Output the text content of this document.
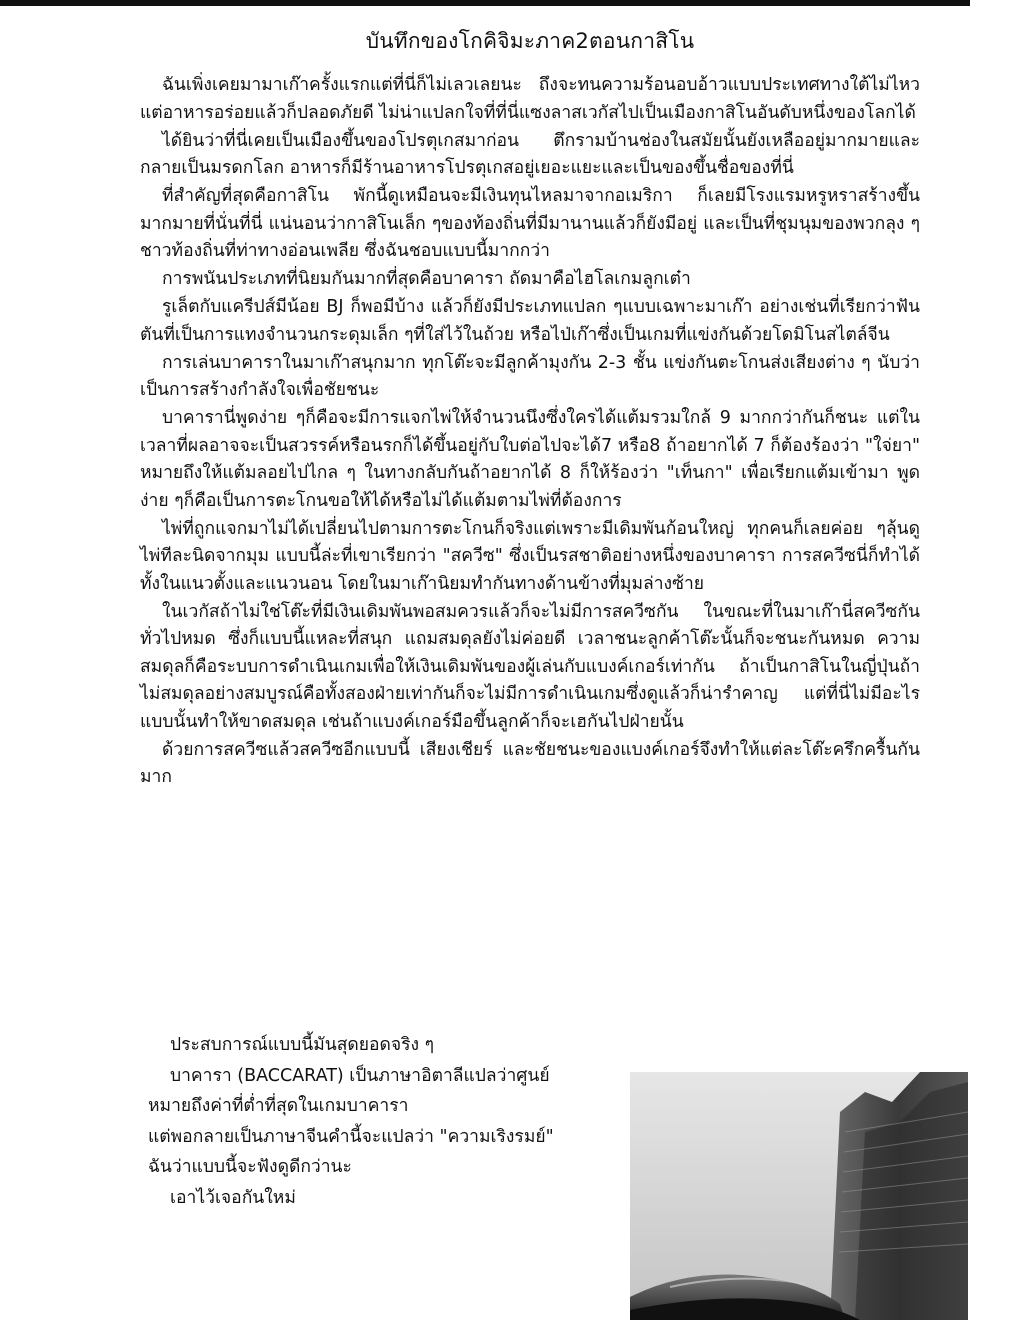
บันทึกของโกคิจิมะภาค2ตอนกาสิโน

ฉันเพิ่งเคยมามาเก๊าครั้งแรกแต่ที่นี่ก็ไม่เลวเลยนะ ถึงจะทนความร้อนอบอ้าวแบบประเทศทางใต้ไม่ไหวแต่อาหารอร่อยแล้วก็ปลอดภัยดี ไม่น่าแปลกใจที่ที่นี่แซงลาสเวกัสไปเป็นเมืองกาสิโนอันดับหนึ่งของโลกได้

ได้ยินว่าที่นี่เคยเป็นเมืองขึ้นของโปรตุเกสมาก่อน ตึกรามบ้านช่องในสมัยนั้นยังเหลืออยู่มากมายและกลายเป็นมรดกโลก อาหารก็มีร้านอาหารโปรตุเกสอยู่เยอะแยะและเป็นของขึ้นชื่อของที่นี่

ที่สำคัญที่สุดคือกาสิโน พักนี้ดูเหมือนจะมีเงินทุนไหลมาจากอเมริกา ก็เลยมีโรงแรมหรูหราสร้างขึ้นมากมายที่นั่นที่นี่ แน่นอนว่ากาสิโนเล็ก ๆของท้องถิ่นที่มีมานานแล้วก็ยังมีอยู่ และเป็นที่ชุมนุมของพวกลุง ๆชาวท้องถิ่นที่ท่าทางอ่อนเพลีย ซึ่งฉันชอบแบบนี้มากกว่า

การพนันประเภทที่นิยมกันมากที่สุดคือบาคารา ถัดมาคือไฮโลเกมลูกเต๋า

รูเล็ตกับแครีปส์มีน้อย BJ ก็พอมีบ้าง แล้วก็ยังมีประเภทแปลก ๆแบบเฉพาะมาเก๊า อย่างเช่นที่เรียกว่าฟันตันที่เป็นการแทงจำนวนกระดุมเล็ก ๆที่ใส่ไว้ในถ้วย หรือไป่เก๊าซึ่งเป็นเกมที่แข่งกันด้วยโดมิโนสไตล์จีน

การเล่นบาคาราในมาเก๊าสนุกมาก ทุกโต๊ะจะมีลูกค้ามุงกัน 2-3 ชั้น แข่งกันตะโกนส่งเสียงต่าง ๆ นับว่าเป็นการสร้างกำลังใจเพื่อชัยชนะ

บาคารานี่พูดง่าย ๆก็คือจะมีการแจกไพ่ให้จำนวนนึงซึ่งใครได้แต้มรวมใกล้ 9 มากกว่ากันก็ชนะ แต่ในเวลาที่ผลอาจจะเป็นสวรรค์หรือนรกก็ได้ขึ้นอยู่กับใบต่อไปจะได้7 หรือ8 ถ้าอยากได้ 7 ก็ต้องร้องว่า "ใจ่ยา" หมายถึงให้แต้มลอยไปไกล ๆ ในทางกลับกันถ้าอยากได้ 8 ก็ให้ร้องว่า "เท็นกา" เพื่อเรียกแต้มเข้ามา พูดง่าย ๆก็คือเป็นการตะโกนขอให้ได้หรือไม่ได้แต้มตามไพ่ที่ต้องการ

ไพ่ที่ถูกแจกมาไม่ได้เปลี่ยนไปตามการตะโกนก็จริงแต่เพราะมีเดิมพันก้อนใหญ่ ทุกคนก็เลยค่อย ๆลุ้นดูไพ่ทีละนิดจากมุม แบบนี้ล่ะที่เขาเรียกว่า "สควีซ" ซึ่งเป็นรสชาติอย่างหนึ่งของบาคารา การสควีซนี่ก็ทำได้ทั้งในแนวตั้งและแนวนอน โดยในมาเก๊านิยมทำกันทางด้านข้างที่มุมล่างซ้าย

ในเวกัสถ้าไม่ใช่โต๊ะที่มีเงินเดิมพันพอสมควรแล้วก็จะไม่มีการสควีซกัน ในขณะที่ในมาเก๊านี่สควีซกันทั่วไปหมด ซึ่งก็แบบนี้แหละที่สนุก แถมสมดุลยังไม่ค่อยดี เวลาชนะลูกค้าโต๊ะนั้นก็จะชนะกันหมด ความสมดุลก็คือระบบการดำเนินเกมเพื่อให้เงินเดิมพันของผู้เล่นกับแบงค์เกอร์เท่ากัน ถ้าเป็นกาสิโนในญี่ปุ่นถ้าไม่สมดุลอย่างสมบูรณ์คือทั้งสองฝ่ายเท่ากันก็จะไม่มีการดำเนินเกมซึ่งดูแล้วก็น่ารำคาญ แต่ที่นี่ไม่มีอะไรแบบนั้นทำให้ขาดสมดุล เช่นถ้าแบงค์เกอร์มือขึ้นลูกค้าก็จะเฮกันไปฝ่ายนั้น

ด้วยการสควีซแล้วสควีซอีกแบบนี้ เสียงเชียร์ และชัยชนะของแบงค์เกอร์จึงทำให้แต่ละโต๊ะครึกครื้นกันมาก

ประสบการณ์แบบนี้มันสุดยอดจริง ๆ

บาคารา (BACCARAT) เป็นภาษาอิตาลีแปลว่าศูนย์

หมายถึงค่าที่ต่ำที่สุดในเกมบาคารา

แต่พอกลายเป็นภาษาจีนคำนี้จะแปลว่า "ความเริงรมย์"

ฉันว่าแบบนี้จะฟังดูดีกว่านะ

เอาไว้เจอกันใหม่
